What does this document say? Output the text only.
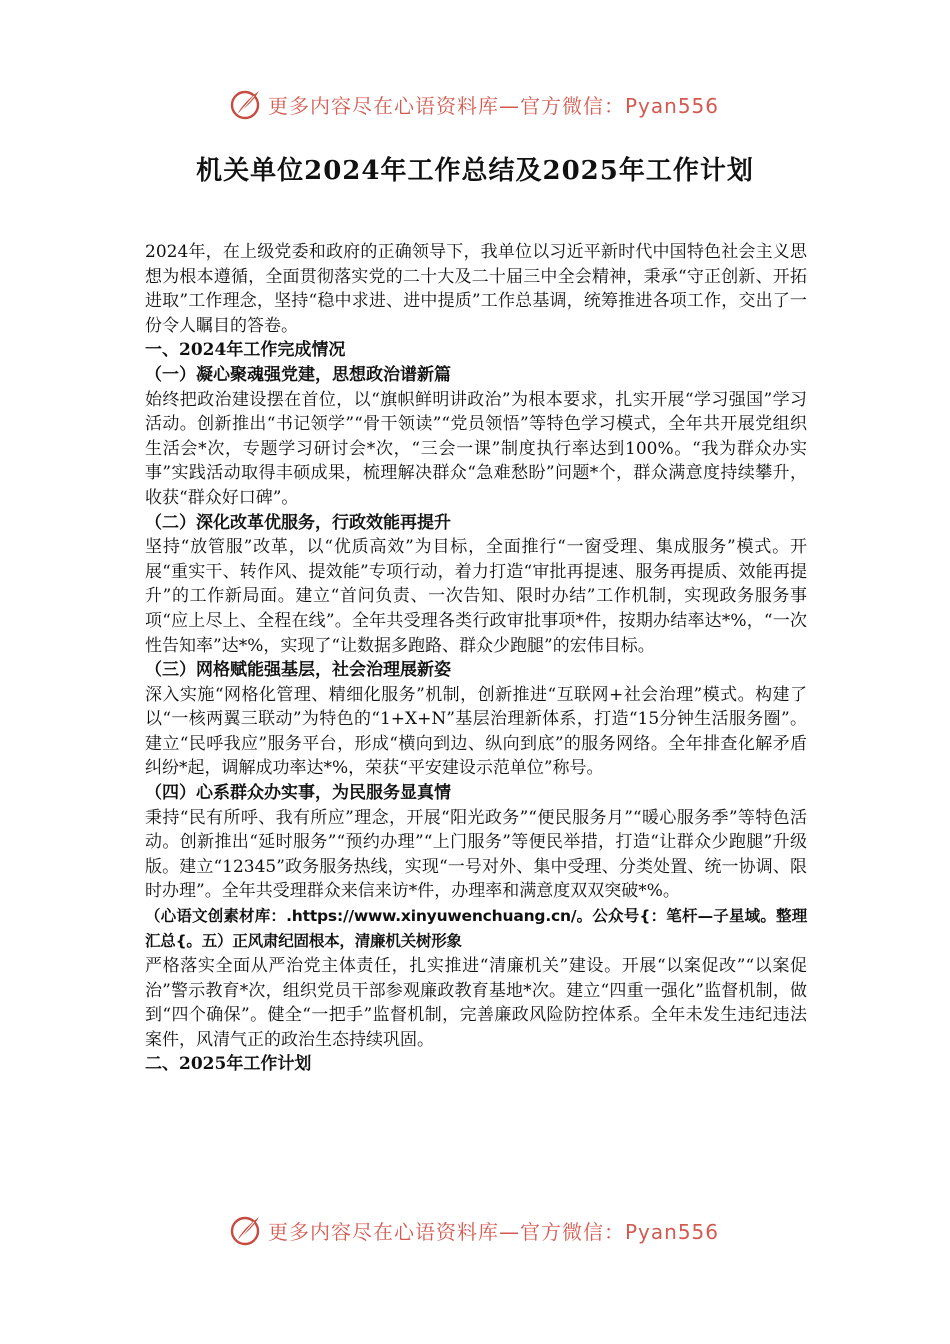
更多内容尽在心语资料库—官方微信：Pyan556
机关单位2024年工作总结及2025年工作计划

2024年，在上级党委和政府的正确领导下，我单位以习近平新时代中国特色社会主义思想为根本遵循，全面贯彻落实党的二十大及二十届三中全会精神，秉承“守正创新、开拓进取”工作理念，坚持“稳中求进、进中提质”工作总基调，统筹推进各项工作，交出了一份令人瞩目的答卷。

一、2024年工作完成情况

（一）凝心聚魂强党建，思想政治谱新篇

始终把政治建设摆在首位，以“旗帜鲜明讲政治”为根本要求，扎实开展“学习强国”学习活动。创新推出“书记领学”“骨干领读”“党员领悟”等特色学习模式，全年共开展党组织生活会*次，专题学习研讨会*次，“三会一课”制度执行率达到100%。“我为群众办实事”实践活动取得丰硕成果，梳理解决群众“急难愁盼”问题*个，群众满意度持续攀升，收获“群众好口碑”。

（二）深化改革优服务，行政效能再提升

坚持“放管服”改革，以“优质高效”为目标，全面推行“一窗受理、集成服务”模式。开展“重实干、转作风、提效能”专项行动，着力打造“审批再提速、服务再提质、效能再提升”的工作新局面。建立“首问负责、一次告知、限时办结”工作机制，实现政务服务事项“应上尽上、全程在线”。全年共受理各类行政审批事项*件，按期办结率达*%，“一次性告知率”达*%，实现了“让数据多跑路、群众少跑腿”的宏伟目标。

（三）网格赋能强基层，社会治理展新姿

深入实施“网格化管理、精细化服务”机制，创新推进“互联网+社会治理”模式。构建了以“一核两翼三联动”为特色的“1+X+N”基层治理新体系，打造“15分钟生活服务圈”。建立“民呼我应”服务平台，形成“横向到边、纵向到底”的服务网络。全年排查化解矛盾纠纷*起，调解成功率达*%，荣获“平安建设示范单位”称号。

（四）心系群众办实事，为民服务显真情

秉持“民有所呼、我有所应”理念，开展“阳光政务”“便民服务月”“暖心服务季”等特色活动。创新推出“延时服务”“预约办理”“上门服务”等便民举措，打造“让群众少跑腿”升级版。建立“12345”政务服务热线，实现“一号对外、集中受理、分类处置、统一协调、限时办理”。全年共受理群众来信来访*件，办理率和满意度双双突破*%。

（心语文创素材库：.https://www.xinyuwenchuang.cn/。公众号{：笔杆—子星域。整理汇总{。五）正风肃纪固根本，清廉机关树形象

严格落实全面从严治党主体责任，扎实推进“清廉机关”建设。开展“以案促改”“以案促治”警示教育*次，组织党员干部参观廉政教育基地*次。建立“四重一强化”监督机制，做到“四个确保”。健全“一把手”监督机制，完善廉政风险防控体系。全年未发生违纪违法案件，风清气正的政治生态持续巩固。

二、2025年工作计划

更多内容尽在心语资料库—官方微信：Pyan556
